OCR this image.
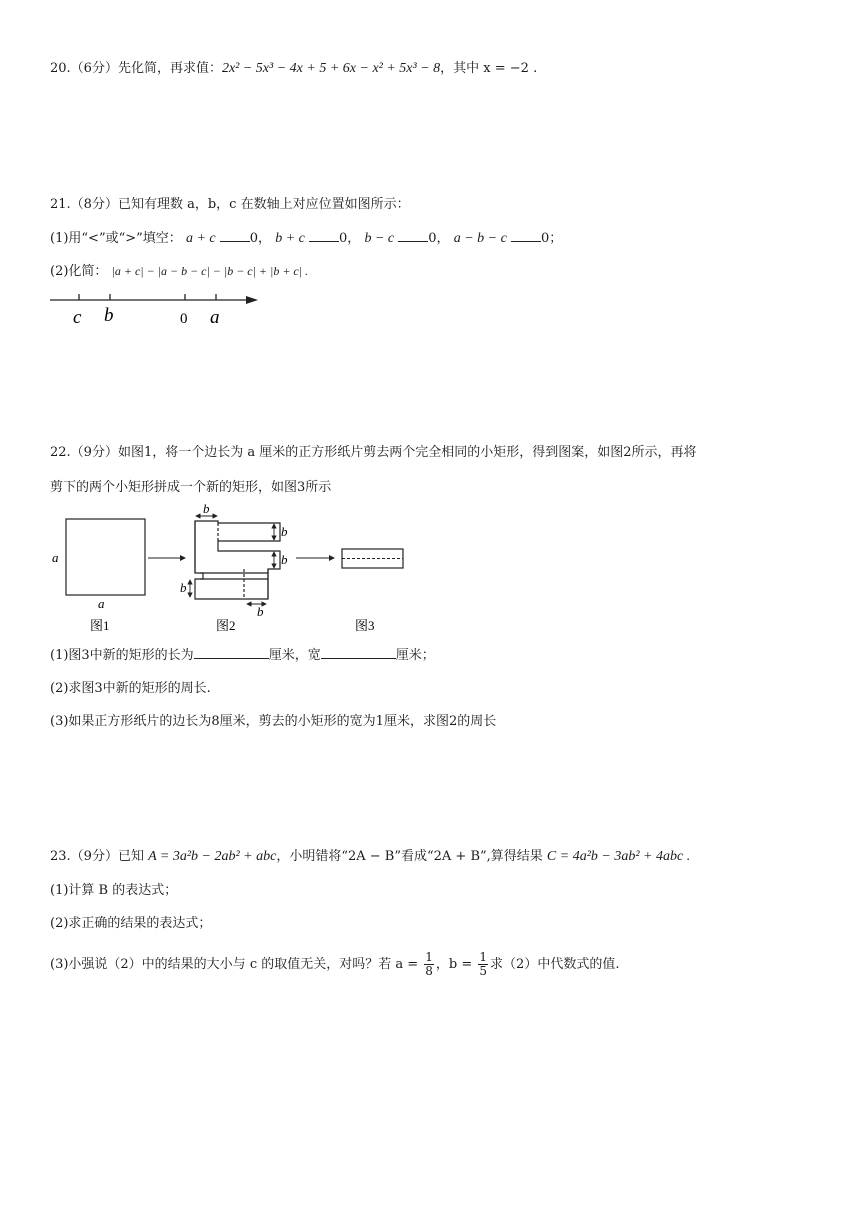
20.（6分）先化简，再求值：2x² − 5x³ − 4x + 5 + 6x − x² + 5x³ − 8，其中 x = −2 .
21.（8分）已知有理数 a，b，c 在数轴上对应位置如图所示：
(1)用“<”或“>”填空： a + c	0， b + c	0， b − c	0， a − b − c	0；
(2)化简： |a + c| − |a − b − c| − |b − c| + |b + c| .
c b	0 a
22.（9分）如图1，将一个边长为 a 厘米的正方形纸片剪去两个完全相同的小矩形，得到图案，如图2所示，再将
剪下的两个小矩形拼成一个新的矩形，如图3所示
a
a
图1
b
b
b
b
b
图2	图3
(1)图3中新的矩形的长为	厘米，宽	厘米；
(2)求图3中新的矩形的周长.
(3)如果正方形纸片的边长为8厘米，剪去的小矩形的宽为1厘米，求图2的周长
23.（9分）已知 A = 3a²b − 2ab² + abc，小明错将“2A − B”看成“2A + B”,算得结果 C = 4a²b − 3ab² + 4abc .
(1)计算 B 的表达式；
(2)求正确的结果的表达式；
(3)小强说（2）中的结果的大小与 c 的取值无关，对吗？若 $a = \frac{1}{8}$ ，$b = \frac{1}{5}$ 求（2）中代数式的值.
